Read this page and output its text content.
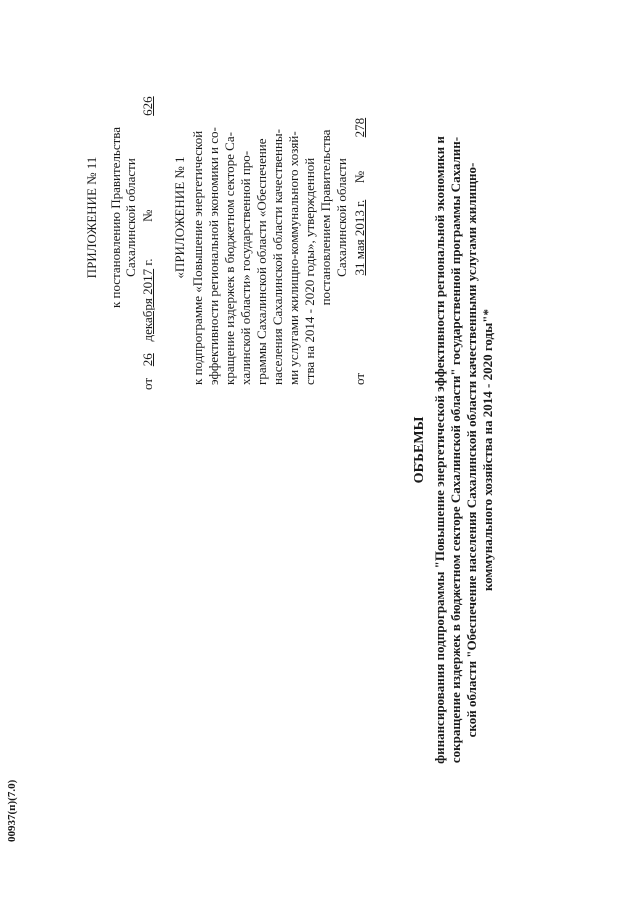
ПРИЛОЖЕНИЕ № 11 к постановлению Правительства Сахалинской области
от 26 декабря 2017 г.  № 626
«ПРИЛОЖЕНИЕ № 1 к подпрограмме «Повышение энергетической эффективности региональной экономики и со- кращение издержек в бюджетном секторе Са- халинской области» государственной про- граммы Сахалинской области «Обеспечение населения Сахалинской области качественны- ми услугами жилищно-коммунального хозяй- ства на 2014 - 2020 годы», утвержденной постановлением Правительства Сахалинской области
от 31 мая 2013 г.  № 278
ОБЪЕМЫ финансирования подпрограммы "Повышение энергетической эффективности региональной экономики и сокращение издержек в бюджетном секторе Сахалинской области" государственной программы Сахалин- ской области "Обеспечение населения Сахалинской области качественными услугами жилищно- коммунального хозяйства на 2014 - 2020 годы"*
00937(п)(7.0)
